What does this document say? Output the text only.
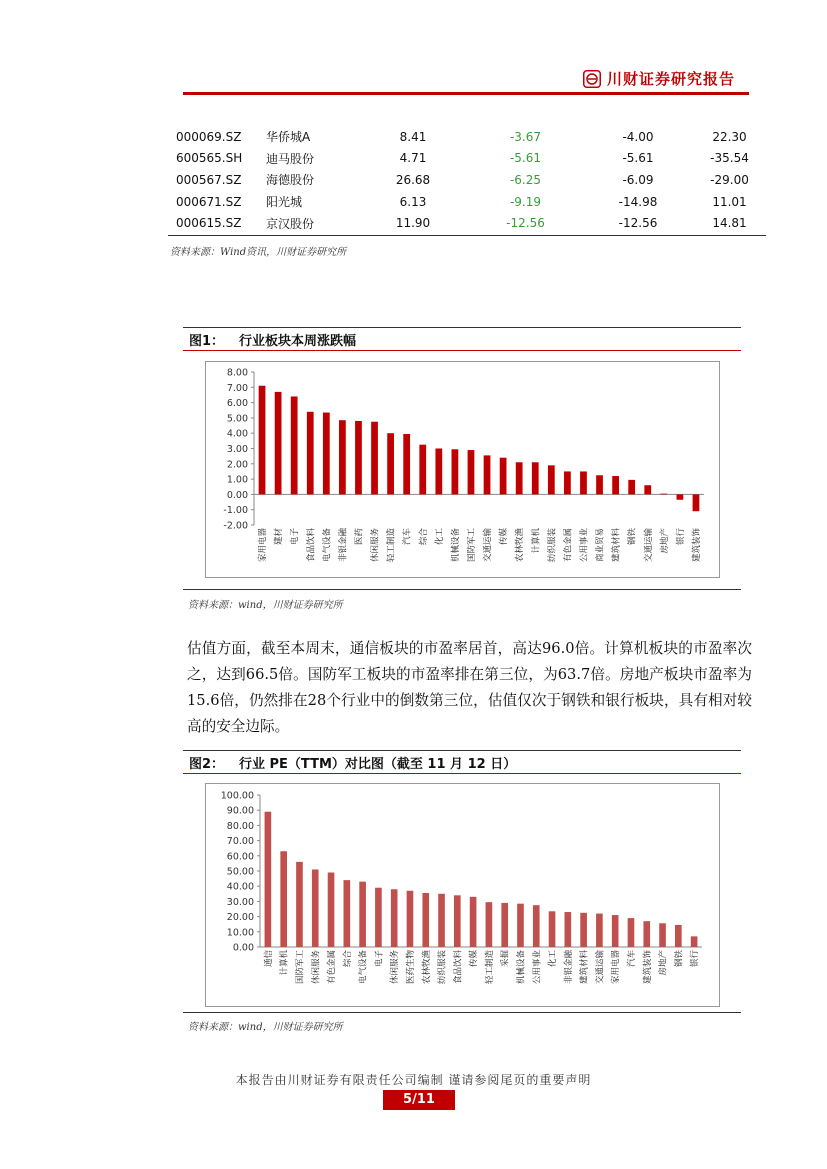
川财证券研究报告
000069.SZ	华侨城A	8.41	-3.67	-4.00	22.30
600565.SH	迪马股份	4.71	-5.61	-5.61	-35.54
000567.SZ	海德股份	26.68	-6.25	-6.09	-29.00
000671.SZ	阳光城	6.13	-9.19	-14.98	11.01
000615.SZ	京汉股份	11.90	-12.56	-12.56	14.81
资料来源：Wind资讯，川财证券研究所
图1：	行业板块本周涨跌幅
8.00
7.00
6.00
5.00
4.00
3.00
2.00
1.00
0.00
-1.00
-2.00
家用电器 建材 电子 食品饮料 电气设备 非银金融 医药 休闲服务 轻工制造 汽车 综合 化工 机械设备 国防军工 交通运输 传媒 农林牧渔 计算机 纺织服装 有色金属 公用事业 商业贸易 建筑材料 钢铁 交通运输 房地产 银行 建筑装饰
资料来源：wind，川财证券研究所
估值方面，截至本周末，通信板块的市盈率居首，高达96.0倍。计算机板块的市盈率次之，达到66.5倍。国防军工板块的市盈率排在第三位，为63.7倍。房地产板块市盈率为15.6倍，仍然排在28个行业中的倒数第三位，估值仅次于钢铁和银行板块，具有相对较高的安全边际。
图2：	行业 PE（TTM）对比图（截至 11 月 12 日）
100.00
90.00
80.00
70.00
60.00
50.00
40.00
30.00
20.00
10.00
0.00
通信 计算机 国防军工 休闲服务 有色金属 综合 电气设备 电子 休闲服务 医药生物 农林牧渔 纺织服装 食品饮料 传媒 轻工制造 采掘 机械设备 公用事业 化工 非银金融 建筑材料 交通运输 家用电器 汽车 建筑装饰 房地产 钢铁 银行
资料来源：wind，川财证券研究所
本报告由川财证券有限责任公司编制 谨请参阅尾页的重要声明
5/11
